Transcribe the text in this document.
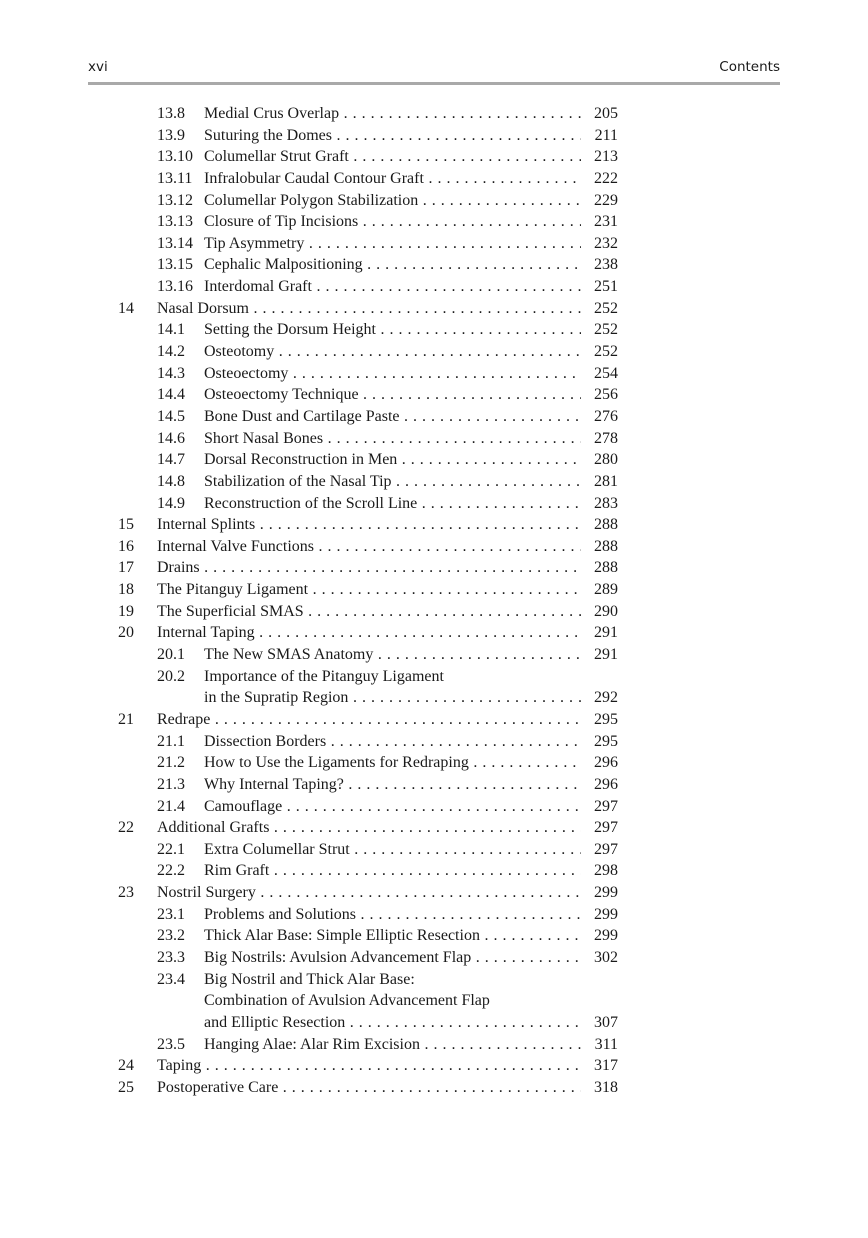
xvi	Contents
13.8 Medial Crus Overlap . . .	205
13.9 Suturing the Domes . . .	211
13.10 Columellar Strut Graft . . .	213
13.11 Infralobular Caudal Contour Graft . . .	222
13.12 Columellar Polygon Stabilization . . .	229
13.13 Closure of Tip Incisions . . .	231
13.14 Tip Asymmetry . . .	232
13.15 Cephalic Malpositioning . . .	238
13.16 Interdomal Graft . . .	251
14 Nasal Dorsum . . .	252
14.1 Setting the Dorsum Height . . .	252
14.2 Osteotomy . . .	252
14.3 Osteoectomy . . .	254
14.4 Osteoectomy Technique . . .	256
14.5 Bone Dust and Cartilage Paste . . .	276
14.6 Short Nasal Bones . . .	278
14.7 Dorsal Reconstruction in Men . . .	280
14.8 Stabilization of the Nasal Tip . . .	281
14.9 Reconstruction of the Scroll Line . . .	283
15 Internal Splints . . .	288
16 Internal Valve Functions . . .	288
17 Drains . . .	288
18 The Pitanguy Ligament . . .	289
19 The Superficial SMAS . . .	290
20 Internal Taping . . .	291
20.1 The New SMAS Anatomy . . .	291
20.2 Importance of the Pitanguy Ligament
in the Supratip Region . . .	292
21 Redrape . . .	295
21.1 Dissection Borders . . .	295
21.2 How to Use the Ligaments for Redraping . . .	296
21.3 Why Internal Taping? . . .	296
21.4 Camouflage . . .	297
22 Additional Grafts . . .	297
22.1 Extra Columellar Strut . . .	297
22.2 Rim Graft . . .	298
23 Nostril Surgery . . .	299
23.1 Problems and Solutions . . .	299
23.2 Thick Alar Base: Simple Elliptic Resection . . .	299
23.3 Big Nostrils: Avulsion Advancement Flap . . .	302
23.4 Big Nostril and Thick Alar Base:
Combination of Avulsion Advancement Flap
and Elliptic Resection . . .	307
23.5 Hanging Alae: Alar Rim Excision . . .	311
24 Taping . . .	317
25 Postoperative Care . . .	318
